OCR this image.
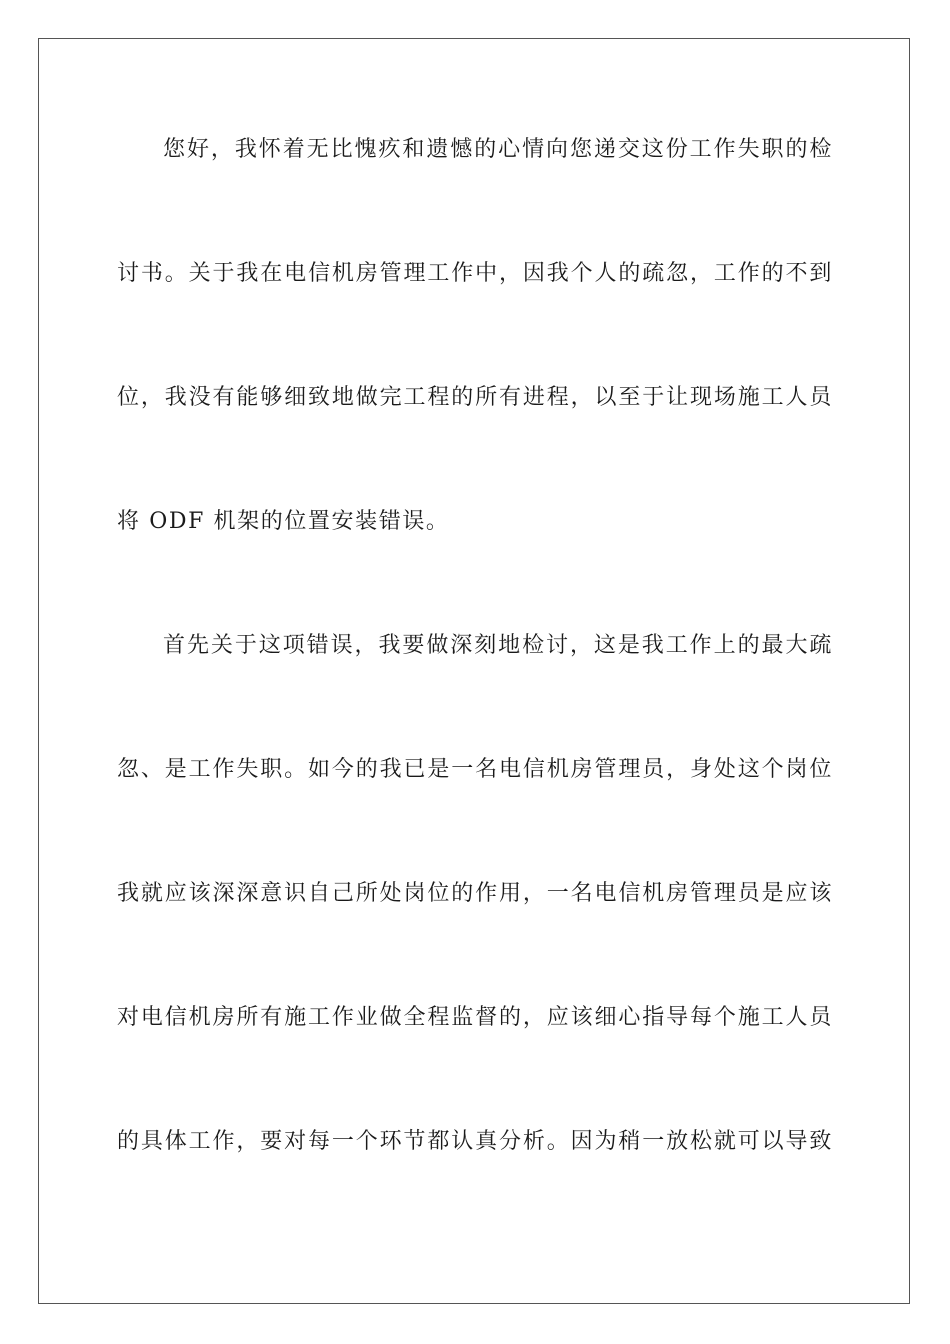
您好，我怀着无比愧疚和遗憾的心情向您递交这份工作失职的检
讨书。关于我在电信机房管理工作中，因我个人的疏忽，工作的不到
位，我没有能够细致地做完工程的所有进程，以至于让现场施工人员
将 ODF 机架的位置安装错误。
首先关于这项错误，我要做深刻地检讨，这是我工作上的最大疏
忽、是工作失职。如今的我已是一名电信机房管理员，身处这个岗位
我就应该深深意识自己所处岗位的作用，一名电信机房管理员是应该
对电信机房所有施工作业做全程监督的，应该细心指导每个施工人员
的具体工作，要对每一个环节都认真分析。因为稍一放松就可以导致
